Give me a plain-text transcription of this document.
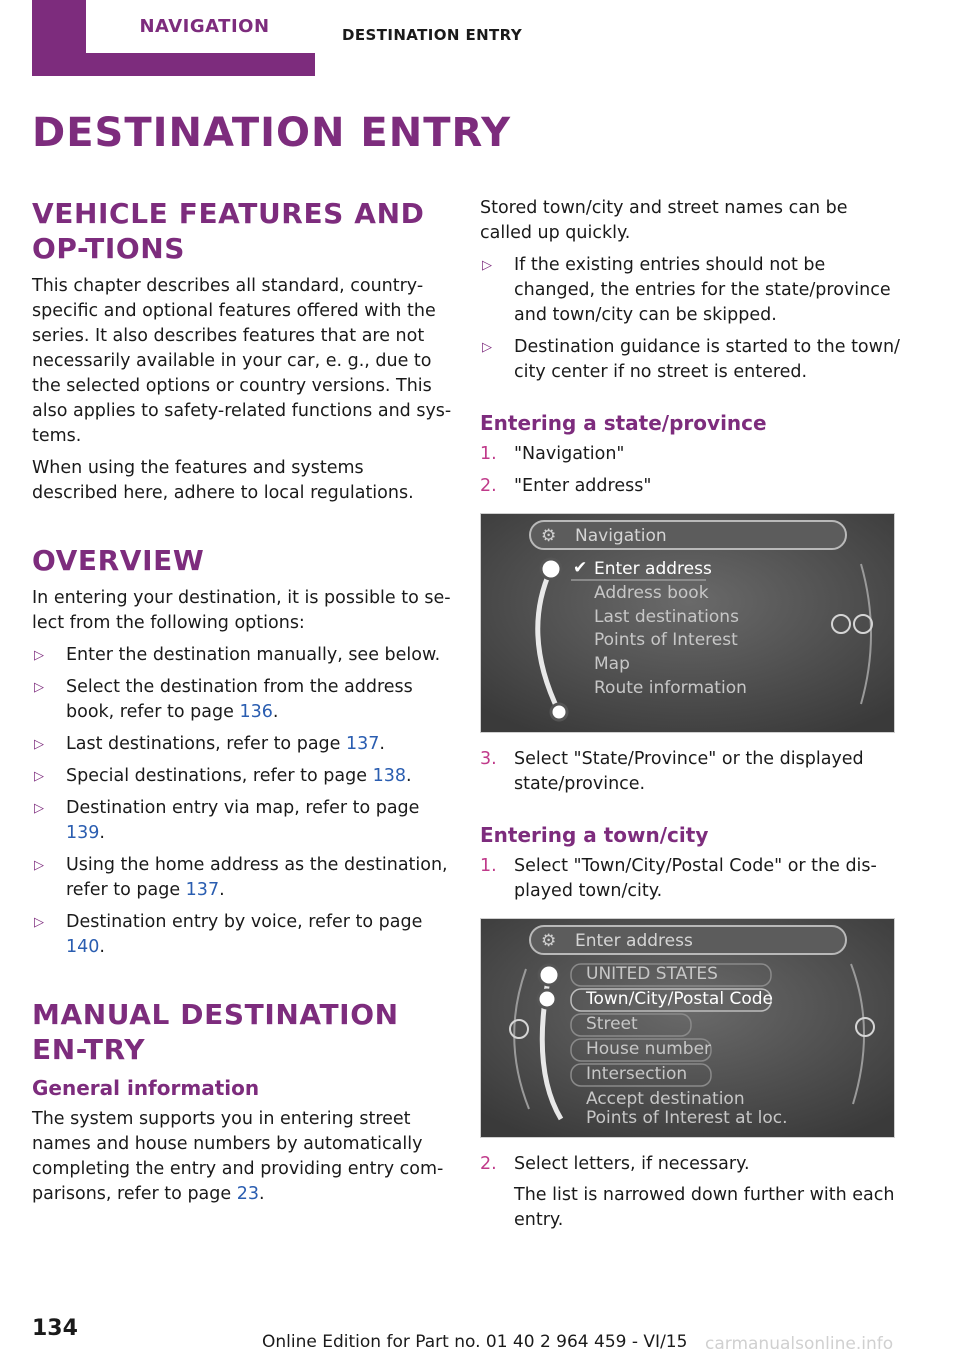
NAVIGATION	DESTINATION ENTRY
DESTINATION ENTRY
VEHICLE FEATURES AND OP-TIONS

This chapter describes all standard, country-specific and optional features offered with the series. It also describes features that are not necessarily available in your car, e. g., due to the selected options or country versions. This also applies to safety-related functions and sys-tems.

When using the features and systems described here, adhere to local regulations.

OVERVIEW

In entering your destination, it is possible to se-lect from the following options:

▷ Enter the destination manually, see below.
▷ Select the destination from the address book, refer to page 136.
▷ Last destinations, refer to page 137.
▷ Special destinations, refer to page 138.
▷ Destination entry via map, refer to page 139.
▷ Using the home address as the destination, refer to page 137.
▷ Destination entry by voice, refer to page 140.
MANUAL DESTINATION EN-TRY
General information

The system supports you in entering street names and house numbers by automatically completing the entry and providing entry com-parisons, refer to page 23.

Stored town/city and street names can be called up quickly.

▷ If the existing entries should not be changed, the entries for the state/province and town/city can be skipped.
▷ Destination guidance is started to the town/ city center if no street is entered.
Entering a state/province
1. "Navigation"
2. "Enter address"
⚙ Navigation
✔ Enter address
Address book
Last destinations
Points of Interest
Map
Route information
3. Select "State/Province" or the displayed state/province.
Entering a town/city
1. Select "Town/City/Postal Code" or the dis-played town/city.
⚙ Enter address
UNITED STATES
Town/City/Postal Code
Street
House number
Intersection
Accept destination
Points of Interest at loc.
2. Select letters, if necessary.

The list is narrowed down further with each entry.

134
Online Edition for Part no. 01 40 2 964 459 - VI/15 carmanualsonline.info
